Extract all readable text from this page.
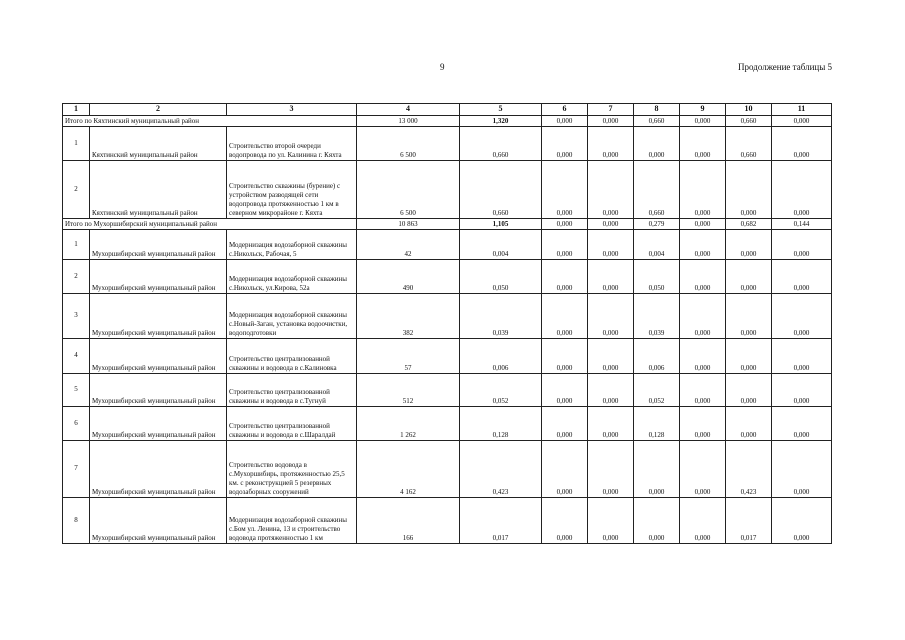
9	Продолжение таблицы 5
1	2	3	4	5	6	7	8	9	10	11
Итого по Кяхтинский муниципальный район			13 000	1,320	0,000	0,000	0,660	0,000	0,660	0,000
1	Кяхтинский муниципальный район	Строительство второй очереди водопровода по ул. Калинина г. Кяхта	6 500	0,660	0,000	0,000	0,000	0,000	0,660	0,000
2	Кяхтинский муниципальный район	Строительство скважины (бурение) с устройством разводящей сети водопровода протяженностью 1 км в северном микрорайоне г. Кяхта	6 500	0,660	0,000	0,000	0,660	0,000	0,000	0,000
Итого по Мухоршибирский муниципальный район			10 863	1,105	0,000	0,000	0,279	0,000	0,682	0,144
1	Мухоршибирский муниципальный район	Модернизация водозаборной скважины с.Никольск, Рабочая, 5	42	0,004	0,000	0,000	0,004	0,000	0,000	0,000
2	Мухоршибирский муниципальный район	Модернизация водозаборной скважины с.Никольск, ул.Кирова, 52а	490	0,050	0,000	0,000	0,050	0,000	0,000	0,000
3	Мухоршибирский муниципальный район	Модернизация водозаборной скважины с.Новый-Заган, установка водоочистки, водоподготовки	382	0,039	0,000	0,000	0,039	0,000	0,000	0,000
4	Мухоршибирский муниципальный район	Строительство централизованной скважины и водовода в с.Калиновка	57	0,006	0,000	0,000	0,006	0,000	0,000	0,000
5	Мухоршибирский муниципальный район	Строительство централизованной скважины и водовода в с.Тугнуй	512	0,052	0,000	0,000	0,052	0,000	0,000	0,000
6	Мухоршибирский муниципальный район	Строительство централизованной скважины и водовода в с.Шаралдай	1 262	0,128	0,000	0,000	0,128	0,000	0,000	0,000
7	Мухоршибирский муниципальный район	Строительство водовода в с.Мухоршибирь, протяженностью 25,5 км. с реконструкцией 5 резервных водозаборных сооружений	4 162	0,423	0,000	0,000	0,000	0,000	0,423	0,000
8	Мухоршибирский муниципальный район	Модернизация водозаборной скважины с.Бом ул. Ленина, 13 и строительство водовода протяженностью 1 км	166	0,017	0,000	0,000	0,000	0,000	0,017	0,000
